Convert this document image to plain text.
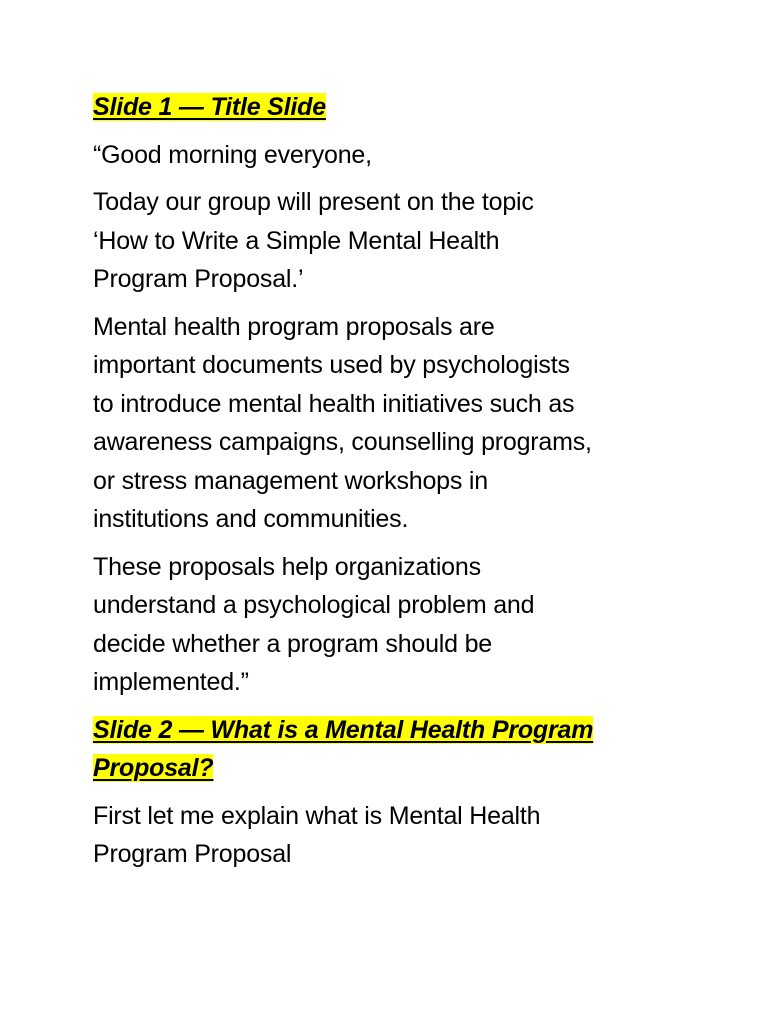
Slide 1 — Title Slide
“Good morning everyone,
Today our group will present on the topic
‘How to Write a Simple Mental Health
Program Proposal.’
Mental health program proposals are
important documents used by psychologists
to introduce mental health initiatives such as
awareness campaigns, counselling programs,
or stress management workshops in
institutions and communities.
These proposals help organizations
understand a psychological problem and
decide whether a program should be
implemented.”
Slide 2 — What is a Mental Health Program
Proposal?
First let me explain what is Mental Health
Program Proposal
